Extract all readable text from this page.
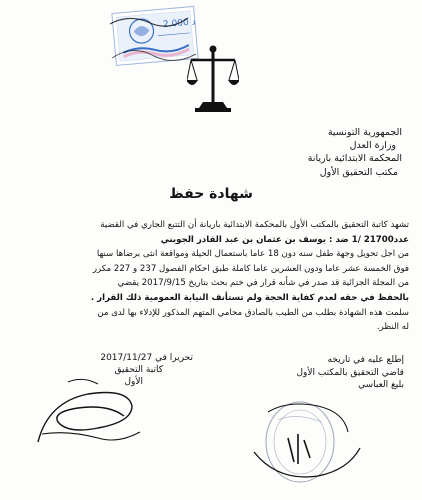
2.000 د
الجمهورية التونسية
وزارة العدل
المحكمة الابتدائية باريانة
مكتب التحقيق الأول
شهادة حفظ

تشهد كاتبة التحقيق بالمكتب الأول بالمحكمة الابتدائية باريانة أن التتبع الجاري في القضية

عدد21700 /1 ضد : يوسف بن عثمان بن عبد القادر الجويني

من اجل تحويل وجهة طفل سنه دون 18 عاما باستعمال الحيلة ومواقعة انثى برضاها سنها

فوق الخمسة عشر عاما ودون العشرين عاما كاملة طبق احكام الفصول 237 و 227 مكرر

من المجلة الجزائية قد صدر في شأنه قرار في ختم بحث بتاريخ 2017/9/15 يقضي

بالحفظ في حقه لعدم كفاية الحجة ولم تستأنف النيابة العمومية ذلك القرار .

سلمت هذه الشهادة بطلب من الطيب بالصادق محامي المتهم المذكور للإدلاء بها لدى من

له النظر.

تحريرا في 2017/11/27
كاتبة التحقيق
الأول
إطلع عليه في تاريخه
قاضي التحقيق بالمكتب الأول
بليغ العباسي
